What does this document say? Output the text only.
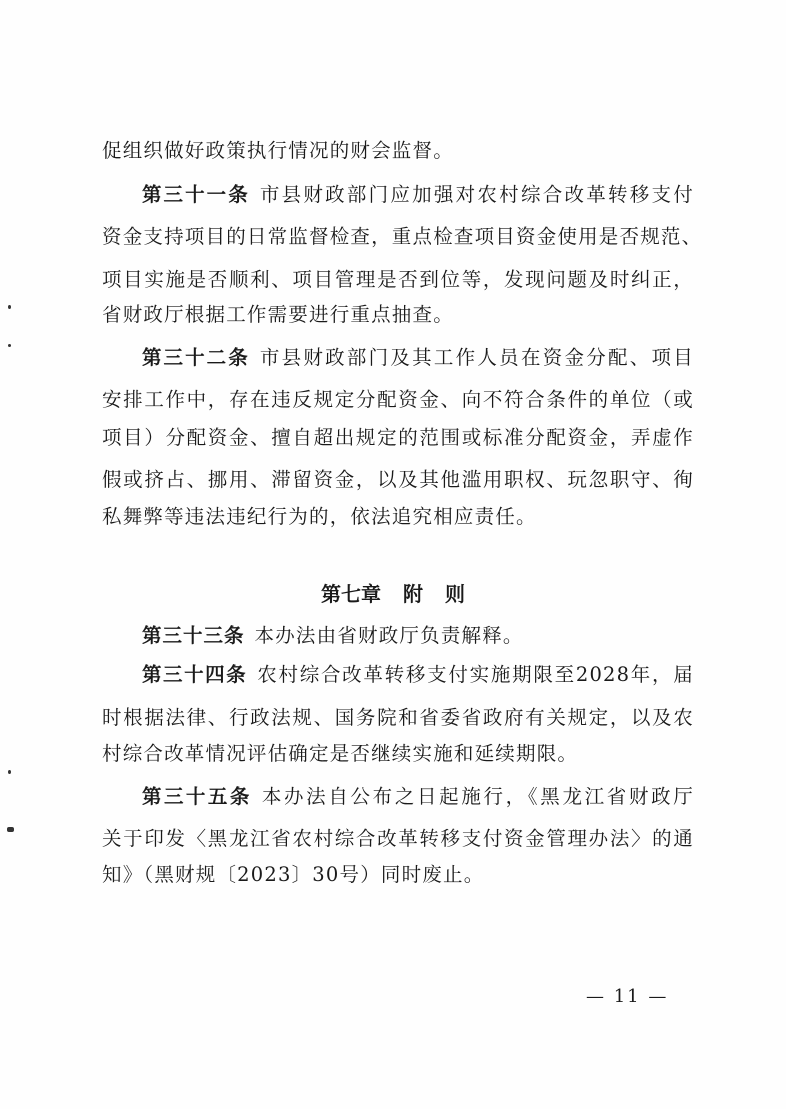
促组织做好政策执行情况的财会监督。
第三十一条 市县财政部门应加强对农村综合改革转移支付
资金支持项目的日常监督检查，重点检查项目资金使用是否规范、
项目实施是否顺利、项目管理是否到位等，发现问题及时纠正，
省财政厅根据工作需要进行重点抽查。
第三十二条 市县财政部门及其工作人员在资金分配、项目
安排工作中，存在违反规定分配资金、向不符合条件的单位（或
项目）分配资金、擅自超出规定的范围或标准分配资金，弄虚作
假或挤占、挪用、滞留资金，以及其他滥用职权、玩忽职守、徇
私舞弊等违法违纪行为的，依法追究相应责任。
第七章 附 则
第三十三条 本办法由省财政厅负责解释。
第三十四条 农村综合改革转移支付实施期限至2028年，届
时根据法律、行政法规、国务院和省委省政府有关规定，以及农
村综合改革情况评估确定是否继续实施和延续期限。
第三十五条 本办法自公布之日起施行，《黑龙江省财政厅
关于印发〈黑龙江省农村综合改革转移支付资金管理办法〉的通
知》（黑财规〔2023〕30号）同时废止。
— 11 —
